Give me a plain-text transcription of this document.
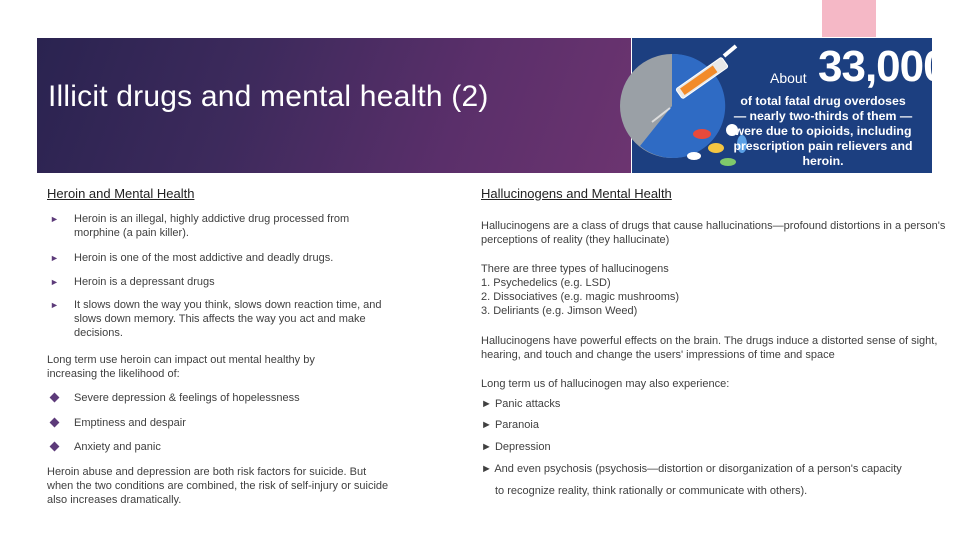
Illicit drugs and mental health (2)
About 33,000
of total fatal drug overdoses
— nearly two-thirds of them —
were due to opioids, including
prescription pain relievers and heroin.
Heroin and Mental Health
► Heroin is an illegal, highly addictive drug processed from morphine (a pain killer).
► Heroin is one of the most addictive and deadly drugs.
► Heroin is a depressant drugs
► It slows down the way you think, slows down reaction time, and slows down memory. This affects the way you act and make decisions.
Long term use heroin can impact out mental healthy by increasing the likelihood of:
Severe depression & feelings of hopelessness
Emptiness and despair
Anxiety and panic
Heroin abuse and depression are both risk factors for suicide. But when the two conditions are combined, the risk of self-injury or suicide also increases dramatically.
Hallucinogens and Mental Health
Hallucinogens are a class of drugs that cause hallucinations—profound distortions in a person's perceptions of reality (they hallucinate)
There are three types of hallucinogens
1. Psychedelics (e.g. LSD)
2. Dissociatives (e.g. magic mushrooms)
3. Deliriants (e.g. Jimson Weed)
Hallucinogens have powerful effects on the brain. The drugs induce a distorted sense of sight, hearing, and touch and change the users' impressions of time and space
Long term us of hallucinogen may also experience:
► Panic attacks
► Paranoia
► Depression
► And even psychosis (psychosis—distortion or disorganization of a person's capacity
to recognize reality, think rationally or communicate with others).
